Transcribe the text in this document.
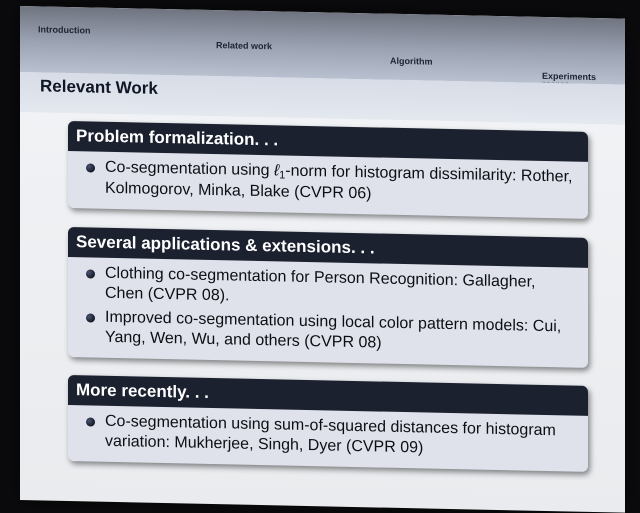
Introduction
Related work
Algorithm
Experiments
Relevant Work
Problem formalization. . .
Co-segmentation using ℓ1-norm for histogram dissimilarity: Rother, Kolmogorov, Minka, Blake (CVPR 06)
Several applications & extensions. . .
Clothing co-segmentation for Person Recognition: Gallagher, Chen (CVPR 08).
Improved co-segmentation using local color pattern models: Cui, Yang, Wen, Wu, and others (CVPR 08)
More recently. . .
Co-segmentation using sum-of-squared distances for histogram variation: Mukherjee, Singh, Dyer (CVPR 09)
